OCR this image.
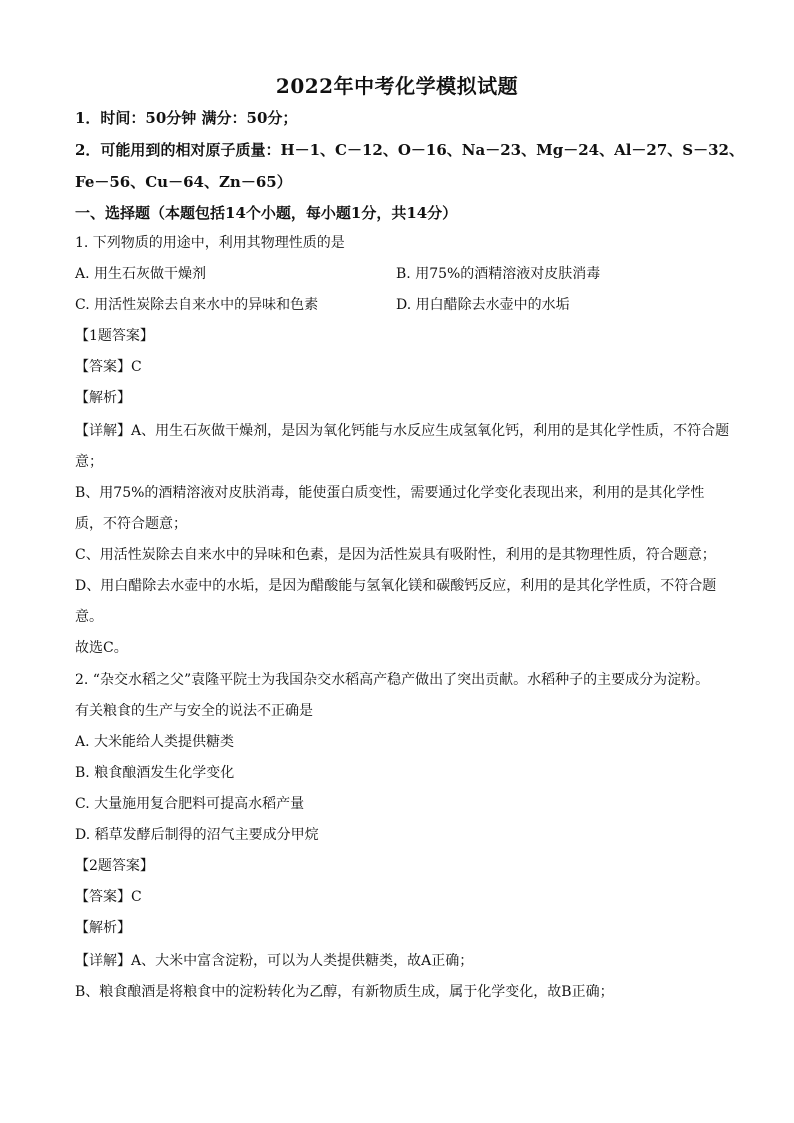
2022年中考化学模拟试题
1．时间：50分钟 满分：50分；
2．可能用到的相对原子质量：H－1、C－12、O－16、Na－23、Mg－24、Al－27、S－32、
Fe－56、Cu－64、Zn－65）
一、选择题（本题包括14个小题，每小题1分，共14分）
1. 下列物质的用途中，利用其物理性质的是
A. 用生石灰做干燥剂	B. 用75%的酒精溶液对皮肤消毒
C. 用活性炭除去自来水中的异味和色素	D. 用白醋除去水壶中的水垢
【1题答案】
【答案】C
【解析】
【详解】A、用生石灰做干燥剂，是因为氧化钙能与水反应生成氢氧化钙，利用的是其化学性质，不符合题
意；
B、用75%的酒精溶液对皮肤消毒，能使蛋白质变性，需要通过化学变化表现出来，利用的是其化学性
质，不符合题意；
C、用活性炭除去自来水中的异味和色素，是因为活性炭具有吸附性，利用的是其物理性质，符合题意；
D、用白醋除去水壶中的水垢，是因为醋酸能与氢氧化镁和碳酸钙反应，利用的是其化学性质，不符合题
意。
故选C。
2. “杂交水稻之父”袁隆平院士为我国杂交水稻高产稳产做出了突出贡献。水稻种子的主要成分为淀粉。
有关粮食的生产与安全的说法不正确是
A. 大米能给人类提供糖类
B. 粮食酿酒发生化学变化
C. 大量施用复合肥料可提高水稻产量
D. 稻草发酵后制得的沼气主要成分甲烷
【2题答案】
【答案】C
【解析】
【详解】A、大米中富含淀粉，可以为人类提供糖类，故A正确；
B、粮食酿酒是将粮食中的淀粉转化为乙醇，有新物质生成，属于化学变化，故B正确；
